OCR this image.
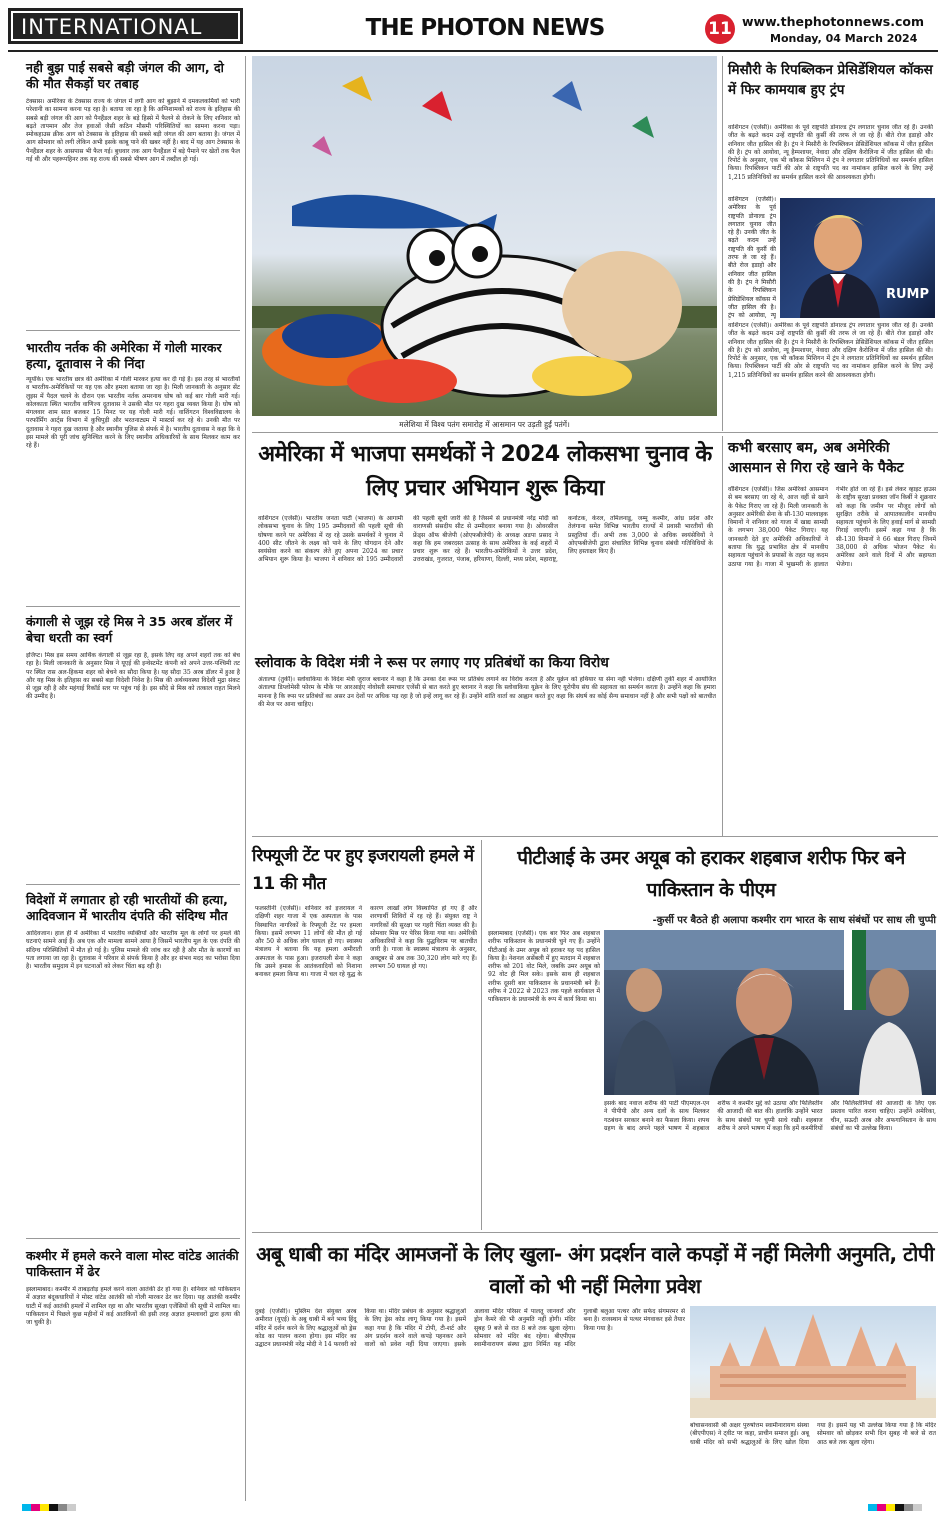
INTERNATIONAL	THE PHOTON NEWS	11 www.thephotonnews.com
Monday, 04 March 2024
नही बुझ पाई सबसे बड़ी जंगल की आग, दो की मौत सैकड़ों घर तबाह
टेक्सास। अमेरिका के टेक्सास राज्य के जंगल में लगी आग को बुझाने में दमकलकर्मियों को भारी परेशानी का सामना करना पड़ रहा है। बताया जा रहा है कि अग्निशामकों को राज्य के इतिहास की सबसे बड़ी जंगल की आग को पैनहैंडल शहर के बड़े हिस्से में फैलने से रोकने के लिए शनिवार को बढ़ते तापमान और तेज हवाओं जैसी कठिन मौसमी परिस्थितियों का सामना करना पड़ा। स्मोकहाउस क्रीक आग को टेक्सास के इतिहास की सबसे बड़ी जंगल की आग बताया है। जंगल में आग सोमवार को लगी लेकिन अभी इसके काबू पाने की खबर नहीं है। बाद में यह आग टेक्सास के पैनहैंडल शहर के आसपास भी फैल गई। बुधवार तक आग पैनहैंडल में बड़े पैमाने पर खेतों तक फैल गई थी और पहरूपहिनर तक यह राज्य की सबसे भीषण आग में तब्दील हो गई।
भारतीय नर्तक की अमेरिका में गोली मारकर हत्या, दूतावास ने की निंदा
न्यूयॉर्क। एक भारतीय छात्र की अमेरिका में गोली मारकर हत्या कर दी गई है। इस तरह से भारतीयों व भारतीय-अमेरिकियों पर यह एक और हमला बताया जा रहा है। मिली जानकारी के अनुसार सेंट लुइस में पैदल चलने के दौरान एक भारतीय नर्तक अमरनाथ घोष को कई बार गोली मारी गई। कोलकाता स्थित भारतीय वाणिज्य दूतावास ने उसकी मौत पर गहरा दुख व्यक्त किया है। घोष को मंगलवार शाम सात बजकर 15 मिनट पर यह गोली मारी गई। वाशिंगटन विश्वविद्यालय के परफॉर्मिंग आर्ट्स विभाग में कुचिपुड़ी और भरतनाट्यम में मास्टर्स कर रहे थे। उनकी मौत पर दूतावास ने गहरा दुख जताया है और स्थानीय पुलिस से संपर्क में है। भारतीय दूतावास ने कहा कि वे इस मामले की पूरी जांच सुनिश्चित करने के लिए स्थानीय अधिकारियों के साथ मिलकर काम कर रहे हैं।
कंगाली से जूझ रहे मिस्र ने 35 अरब डॉलर में बेचा धरती का स्वर्ग
इजिप्ट। मिस्र इस समय आर्थिक कंगाली से जूझ रहा है, इसके लिए वह अपने शहरों तक को बेच रहा है। मिली जानकारी के अनुसार मिस्र ने यूएई की इन्वेस्टमेंट कंपनी को अपने उत्तर-पश्चिमी तट पर स्थित रास अल-हिकमा शहर को बेचने का सौदा किया है। यह सौदा 35 अरब डॉलर में हुआ है और यह मिस्र के इतिहास का सबसे बड़ा विदेशी निवेश है। मिस्र की अर्थव्यवस्था विदेशी मुद्रा संकट से जूझ रही है और महंगाई रिकॉर्ड स्तर पर पहुंच गई है। इस सौदे से मिस्र को तत्काल राहत मिलने की उम्मीद है।
विदेशों में लगातार हो रही भारतीयों की हत्या, आदिवजान में भारतीय दंपति की संदिग्ध मौत
आदिवजान। हाल ही में अमेरिका में भारतीय व्यक्तियों और भारतीय मूल के लोगों पर हमले की घटनाएं सामने आई हैं। अब एक और मामला सामने आया है जिसमें भारतीय मूल के एक दंपति की संदिग्ध परिस्थितियों में मौत हो गई है। पुलिस मामले की जांच कर रही है और मौत के कारणों का पता लगाया जा रहा है। दूतावास ने परिवार से संपर्क किया है और हर संभव मदद का भरोसा दिया है। भारतीय समुदाय में इन घटनाओं को लेकर चिंता बढ़ रही है।
कश्मीर में हमले करने वाला मोस्ट वांटेड आतंकी पाकिस्तान में ढेर
इस्लामाबाद। कश्मीर में ताबड़तोड़ हमले करने वाला आतंकी ढेर हो गया है। शनिवार को पाकिस्तान में अज्ञात बंदूकधारियों ने मोस्ट वांटेड आतंकी को गोली मारकर ढेर कर दिया। यह आतंकी कश्मीर घाटी में कई आतंकी हमलों में शामिल रहा था और भारतीय सुरक्षा एजेंसियों की सूची में शामिल था। पाकिस्तान में पिछले कुछ महीनों में कई आतंकियों की इसी तरह अज्ञात हमलावरों द्वारा हत्या की जा चुकी है।
मलेशिया में विश्व पतंग समारोह में आसमान पर उड़ती हुईं पतंगें।
मिसौरी के रिपब्लिकन प्रेसिडेंशियल कॉकस में फिर कामयाब हुए ट्रंप
वाशिंगटन (एजेंसी)। अमेरिका के पूर्व राष्ट्रपति डोनाल्ड ट्रंप लगातार चुनाव जीत रहे हैं। उनकी जीत के बढ़ते कदम उन्हें राष्ट्रपति की कुर्सी की तरफ ले जा रहे हैं। बीते रोज इडाहो और शनिवार जीत हासिल की है। ट्रंप ने मिसौरी के रिपब्लिकन प्रेसिडेंशियल कॉकस में जीत हासिल की है। ट्रंप को आयोवा, न्यू हैम्पशायर, नेवादा और दक्षिण कैरोलिना में जीत हासिल की थी। रिपोर्ट के अनुसार, एक भी कॉकस मिशिगन में ट्रंप ने लगातार प्रतिनिधियों का समर्थन हासिल किया। रिपब्लिकन पार्टी की ओर से राष्ट्रपति पद का नामांकन हासिल करने के लिए उन्हें 1,215 प्रतिनिधियों का समर्थन हासिल करने की आवश्यकता होगी।
वाशिंगटन (एजेंसी)। अमेरिका के पूर्व राष्ट्रपति डोनाल्ड ट्रंप लगातार चुनाव जीत रहे हैं। उनकी जीत के बढ़ते कदम उन्हें राष्ट्रपति की कुर्सी की तरफ ले जा रहे हैं। बीते रोज इडाहो और शनिवार जीत हासिल की है। ट्रंप ने मिसौरी के रिपब्लिकन प्रेसिडेंशियल कॉकस में जीत हासिल की है। ट्रंप को आयोवा, न्यू
RUMP
वाशिंगटन (एजेंसी)। अमेरिका के पूर्व राष्ट्रपति डोनाल्ड ट्रंप लगातार चुनाव जीत रहे हैं। उनकी जीत के बढ़ते कदम उन्हें राष्ट्रपति की कुर्सी की तरफ ले जा रहे हैं। बीते रोज इडाहो और शनिवार जीत हासिल की है। ट्रंप ने मिसौरी के रिपब्लिकन प्रेसिडेंशियल कॉकस में जीत हासिल की है। ट्रंप को आयोवा, न्यू हैम्पशायर, नेवादा और दक्षिण कैरोलिना में जीत हासिल की थी। रिपोर्ट के अनुसार, एक भी कॉकस मिशिगन में ट्रंप ने लगातार प्रतिनिधियों का समर्थन हासिल किया। रिपब्लिकन पार्टी की ओर से राष्ट्रपति पद का नामांकन हासिल करने के लिए उन्हें 1,215 प्रतिनिधियों का समर्थन हासिल करने की आवश्यकता होगी।
अमेरिका में भाजपा समर्थकों ने 2024 लोकसभा चुनाव के लिए प्रचार अभियान शुरू किया
वाशिंगटन (एजेंसी)। भारतीय जनता पार्टी (भाजपा) के आगामी लोकसभा चुनाव के लिए 195 उम्मीदवारों की पहली सूची की घोषणा करने पर अमेरिका में रह रहे उसके समर्थकों ने चुनाव में 400 सीट जीतने के लक्ष्य को पाने के लिए योगदान देने और स्वयंसेवा करने का संकल्प लेते हुए अपना 2024 का प्रचार अभियान शुरू किया है। भाजपा ने शनिवार को 195 उम्मीदवारों की पहली सूची जारी की है जिसमें से प्रधानमंत्री नरेंद्र मोदी को वाराणसी संसदीय सीट से उम्मीदवार बनाया गया है। ओवरसीज फ्रेंड्स ऑफ बीजेपी (ओएफबीजेपी) के अध्यक्ष अडपा प्रसाद ने कहा कि हम जबरदस्त उत्साह के साथ अमेरिका के कई शहरों में प्रचार शुरू कर रहे हैं। भारतीय-अमेरिकियों ने उत्तर प्रदेश, उत्तराखंड, गुजरात, पंजाब, हरियाणा, दिल्ली, मध्य प्रदेश, महाराष्ट्र, कर्नाटक, केरल, तमिलनाडु, जम्मू कश्मीर, आंध्र प्रदेश और तेलंगाना समेत विभिन्न भारतीय राज्यों में प्रवासी भारतीयों की प्रस्तुतियां दीं। अभी तक 3,000 से अधिक स्वयंसेवियों ने ओएफबीजेपी द्वारा संचालित विभिन्न चुनाव संबंधी गतिविधियों के लिए हस्ताक्षर किए हैं।
कभी बरसाए बम, अब अमेरिकी आसमान से गिरा रहे खाने के पैकेट
वॉशिंगटन (एजेंसी)। जिस अमेरिको आसमान से बम बरसाए जा रहे थे, आज वहीं से खाने के पैकेट गिराए जा रहे हैं। मिली जानकारी के अनुसार अमेरिकी सेना के सी-130 मालवाहक विमानों ने शनिवार को गाजा में खाद्य सामग्री के लगभग 38,000 पैकेट गिराए। यह जानकारी देते हुए अमेरिकी अधिकारियों ने बताया कि युद्ध प्रभावित क्षेत्र में मानवीय सहायता पहुंचाने के प्रयासों के तहत यह कदम उठाया गया है। गाजा में भुखमरी के हालात गंभीर होते जा रहे हैं। इसे लेकर व्हाइट हाउस के राष्ट्रीय सुरक्षा प्रवक्ता जॉन किर्बी ने शुक्रवार को कहा कि जमीन पर मौजूद लोगों को सुरक्षित तरीके से आपातकालीन मानवीय सहायता पहुंचाने के लिए हवाई मार्ग से सामग्री गिराई जाएगी। इसमें कहा गया है कि सी-130 विमानों ने 66 बंडल गिराए जिनमें 38,000 से अधिक भोजन पैकेट थे। अमेरिका आने वाले दिनों में और सहायता भेजेगा।
स्लोवाक के विदेश मंत्री ने रूस पर लगाए गए प्रतिबंधों का किया विरोध
अंताल्या (तुर्की)। स्लोवाकिया के विदेश मंत्री जुराज ब्लानार ने कहा है कि उनका देश रूस पर प्रतिबंध लगाने का विरोध करता है और यूक्रेन को हथियार या सेना नहीं भेजेगा। दक्षिणी तुर्की शहर में आयोजित अंताल्या डिप्लोमेसी फोरम के मौके पर आरआईए नोवोस्ती समाचार एजेंसी से बात करते हुए ब्लानार ने कहा कि स्लोवाकिया यूक्रेन के लिए यूरोपीय संघ की सहायता का समर्थन करता है। उन्होंने कहा कि हमारा मानना है कि रूस पर प्रतिबंधों का असर उन देशों पर अधिक पड़ रहा है जो इन्हें लागू कर रहे हैं। उन्होंने शांति वार्ता का आह्वान करते हुए कहा कि संघर्ष का कोई सैन्य समाधान नहीं है और सभी पक्षों को बातचीत की मेज पर आना चाहिए।
रिफ्यूजी टेंट पर हुए इजरायली हमले में 11 की मौत
फलस्तीनी (एजेंसी)। शनिवार को इजरायल ने दक्षिणी शहर गाजा में एक अस्पताल के पास विस्थापित नागरिकों के रिफ्यूजी टेंट पर हमला किया। इसमें लगभग 11 लोगों की मौत हो गई और 50 से अधिक लोग घायल हो गए। स्वास्थ्य मंत्रालय ने बताया कि यह हमला अमीराती अस्पताल के पास हुआ। इजरायली सेना ने कहा कि उसने हमास के आतंकवादियों को निशाना बनाकर हमला किया था। गाजा में चल रहे युद्ध के कारण लाखों लोग विस्थापित हो गए हैं और शरणार्थी शिविरों में रह रहे हैं। संयुक्त राष्ट्र ने नागरिकों की सुरक्षा पर गहरी चिंता व्यक्त की है। सोमवार मिस्र पर पेरिस किया गया था। अमेरिकी अधिकारियों ने कहा कि युद्धविराम पर बातचीत जारी है। गाजा के स्वास्थ्य मंत्रालय के अनुसार, अक्टूबर से अब तक 30,320 लोग मारे गए हैं। लगभग 50 घायल हो गए।
पीटीआई के उमर अयूब को हराकर शहबाज शरीफ फिर बने पाकिस्तान के पीएम
-कुर्सी पर बैठते ही अलापा कश्मीर राग भारत के साथ संबंधों पर साध ली चुप्पी
इस्लामाबाद (एजेंसी)। एक बार फिर अब शहबाज शरीफ पाकिस्तान के प्रधानमंत्री चुने गए हैं। उन्होंने पीटीआई के उमर अयूब को हराकर यह पद हासिल किया है। नेशनल असेंबली में हुए मतदान में शहबाज शरीफ को 201 वोट मिले, जबकि उमर अयूब को 92 वोट ही मिल सके। इसके साथ ही शहबाज शरीफ दूसरी बार पाकिस्तान के प्रधानमंत्री बने हैं। शरीफ ने 2022 से 2023 तक पहले कार्यकाल में पाकिस्तान के प्रधानमंत्री के रूप में कार्य किया था।
इसके बाद नवाज शरीफ की पार्टी पीएमएल-एन ने पीपीपी और अन्य दलों के साथ मिलकर गठबंधन सरकार बनाने का फैसला किया। शपथ ग्रहण के बाद अपने पहले भाषण में शहबाज शरीफ ने कश्मीर मुद्दे को उठाया और फिलिस्तीन की आजादी की बात की। हालांकि उन्होंने भारत के साथ संबंधों पर चुप्पी साधे रखी। शहबाज शरीफ ने अपने भाषण में कहा कि हमें कश्मीरियों और फिलिस्तीनियों की आजादी के लिए एक प्रस्ताव पारित करना चाहिए। उन्होंने अमेरिका, चीन, सऊदी अरब और अफगानिस्तान के साथ संबंधों का भी उल्लेख किया।
अबू धाबी का मंदिर आमजनों के लिए खुला- अंग प्रदर्शन वाले कपड़ों में नहीं मिलेगी अनुमति, टोपी वालों को भी नहीं मिलेगा प्रवेश
दुबई (एजेंसी)। मुस्लिम देश संयुक्त अरब अमीरात (यूएई) के अबू धाबी में बने भव्य हिंदू मंदिर में दर्शन करने के लिए श्रद्धालुओं को ड्रेस कोड का पालन करना होगा। इस मंदिर का उद्घाटन प्रधानमंत्री नरेंद्र मोदी ने 14 फरवरी को किया था। मंदिर प्रबंधन के अनुसार श्रद्धालुओं के लिए ड्रेस कोड लागू किया गया है। इसमें कहा गया है कि मंदिर में टोपी, टी-शर्ट और अंग प्रदर्शन करने वाले कपड़े पहनकर आने वालों को प्रवेश नहीं दिया जाएगा। इसके अलावा मंदिर परिसर में पालतू जानवरों और ड्रोन कैमरे की भी अनुमति नहीं होगी। मंदिर सुबह 9 बजे से रात 8 बजे तक खुला रहेगा। सोमवार को मंदिर बंद रहेगा। बीएपीएस स्वामीनारायण संस्था द्वारा निर्मित यह मंदिर गुलाबी बलुआ पत्थर और सफेद संगमरमर से बना है। राजस्थान से पत्थर मंगवाकर इसे तैयार किया गया है।
बोचासनवासी श्री अक्षर पुरुषोत्तम स्वामीनारायण संस्था (बीएपीएस) ने ट्वीट पर कहा, प्राचीन समाज हुई। अबू धाबी मंदिर को सभी श्रद्धालुओं के लिए खोल दिया गया है। इसमें यह भी उल्लेख किया गया है कि मंदिर सोमवार को छोड़कर सभी दिन सुबह नौ बजे से रात आठ बजे तक खुला रहेगा।
